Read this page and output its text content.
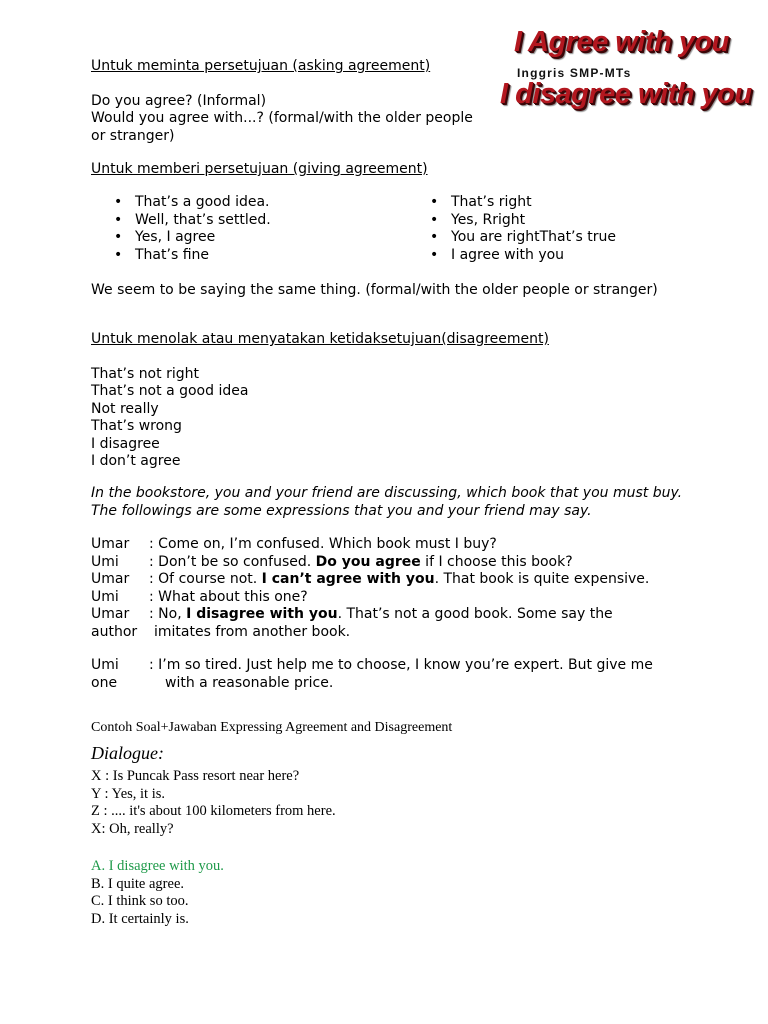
I Agree with you
Inggris SMP-MTs
I disagree with you
Untuk meminta persetujuan (asking agreement)
Do you agree? (Informal)
Would you agree with...? (formal/with the older people
or stranger)
Untuk memberi persetujuan (giving agreement)
• That’s a good idea.
• Well, that’s settled.
• Yes, I agree
• That’s fine
• That’s right
• Yes, Rright
• You are rightThat’s true
• I agree with you
We seem to be saying the same thing. (formal/with the older people or stranger)
Untuk menolak atau menyatakan ketidaksetujuan(disagreement)
That’s not right
That’s not a good idea
Not really
That’s wrong
I disagree
I don’t agree
In the bookstore, you and your friend are discussing, which book that you must buy.
The followings are some expressions that you and your friend may say.
Umar : Come on, I’m confused. Which book must I buy?
Umi : Don’t be so confused. Do you agree if I choose this book?
Umar : Of course not. I can’t agree with you. That book is quite expensive.
Umi : What about this one?
Umar : No, I disagree with you. That’s not a good book. Some say the
author imitates from another book.
Umi : I’m so tired. Just help me to choose, I know you’re expert. But give me
one	with a reasonable price.
Contoh Soal+Jawaban Expressing Agreement and Disagreement
Dialogue:
X : Is Puncak Pass resort near here?
Y : Yes, it is.
Z : .... it's about 100 kilometers from here.
X: Oh, really?
A. I disagree with you.
B. I quite agree.
C. I think so too.
D. It certainly is.
